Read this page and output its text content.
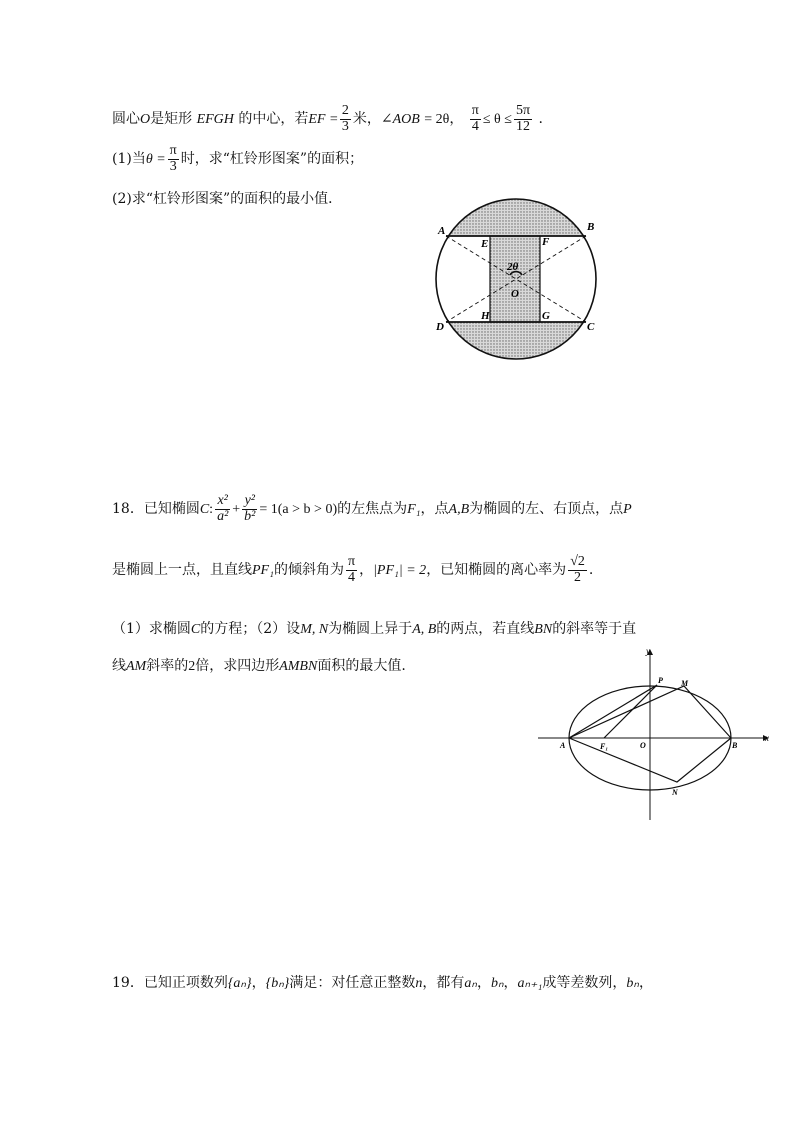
圆心O是矩形 EFGH 的中心，若EF = $\frac{2}{3}$ 米，∠AOB = 2θ， $\frac{\pi}{4} \le \theta \le \frac{5\pi}{12}$ .
(1)当$\theta = \frac{\pi}{3}$ 时，求“杠铃形图案”的面积；
(2)求“杠铃形图案”的面积的最小值．
A	B
C
D
E	F
H	G
2θ
O
18．已知椭圆C: $\frac{\text{x²}}{\text{a²}} + \frac{\text{y²}}{\text{b²}} = 1(a > b > 0)$的左焦点为F₁，点A,B为椭圆的左、右顶点，点P
是椭圆上一点，且直线PF₁的倾斜角为 $\frac{\pi}{4}$ ，|PF₁| = 2，已知椭圆的离心率为 $\frac{√2}{2}$ .
（1）求椭圆C的方程；（2）设M, N为椭圆上异于A, B的两点，若直线BN的斜率等于直
线AM斜率的2倍，求四边形AMBN面积的最大值.
y
x
P M
A	F₁	O	B
N
19．已知正项数列{aₙ}，{bₙ}满足：对任意正整数n，都有aₙ，bₙ，aₙ₊₁成等差数列，bₙ，
